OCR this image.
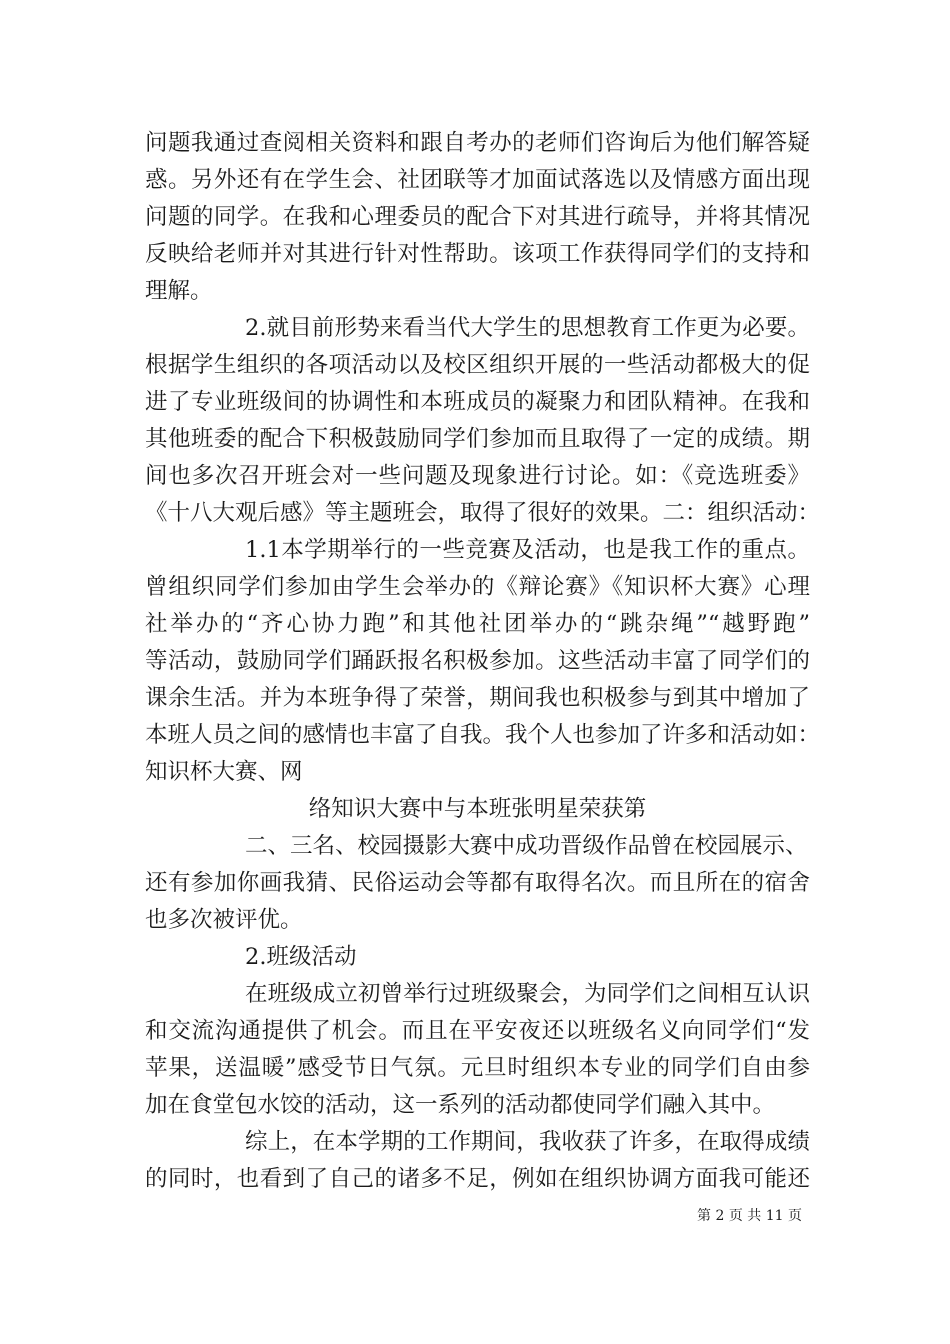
问题我通过查阅相关资料和跟自考办的老师们咨询后为他们解答疑
惑。另外还有在学生会、社团联等才加面试落选以及情感方面出现
问题的同学。在我和心理委员的配合下对其进行疏导，并将其情况
反映给老师并对其进行针对性帮助。该项工作获得同学们的支持和
理解。
2.就目前形势来看当代大学生的思想教育工作更为必要。
根据学生组织的各项活动以及校区组织开展的一些活动都极大的促
进了专业班级间的协调性和本班成员的凝聚力和团队精神。在我和
其他班委的配合下积极鼓励同学们参加而且取得了一定的成绩。期
间也多次召开班会对一些问题及现象进行讨论。如：《竞选班委》
《十八大观后感》等主题班会，取得了很好的效果。二：组织活动：
1.1本学期举行的一些竞赛及活动，也是我工作的重点。
曾组织同学们参加由学生会举办的《辩论赛》《知识杯大赛》心理
社举办的“齐心协力跑”和其他社团举办的“跳杂绳”“越野跑”
等活动，鼓励同学们踊跃报名积极参加。这些活动丰富了同学们的
课余生活。并为本班争得了荣誉，期间我也积极参与到其中增加了
本班人员之间的感情也丰富了自我。我个人也参加了许多和活动如：
知识杯大赛、网
络知识大赛中与本班张明星荣获第
二、三名、校园摄影大赛中成功晋级作品曾在校园展示、
还有参加你画我猜、民俗运动会等都有取得名次。而且所在的宿舍
也多次被评优。
2.班级活动
在班级成立初曾举行过班级聚会，为同学们之间相互认识
和交流沟通提供了机会。而且在平安夜还以班级名义向同学们“发
苹果，送温暖”感受节日气氛。元旦时组织本专业的同学们自由参
加在食堂包水饺的活动，这一系列的活动都使同学们融入其中。
综上，在本学期的工作期间，我收获了许多，在取得成绩
的同时，也看到了自己的诸多不足，例如在组织协调方面我可能还
第 2 页 共 11 页
